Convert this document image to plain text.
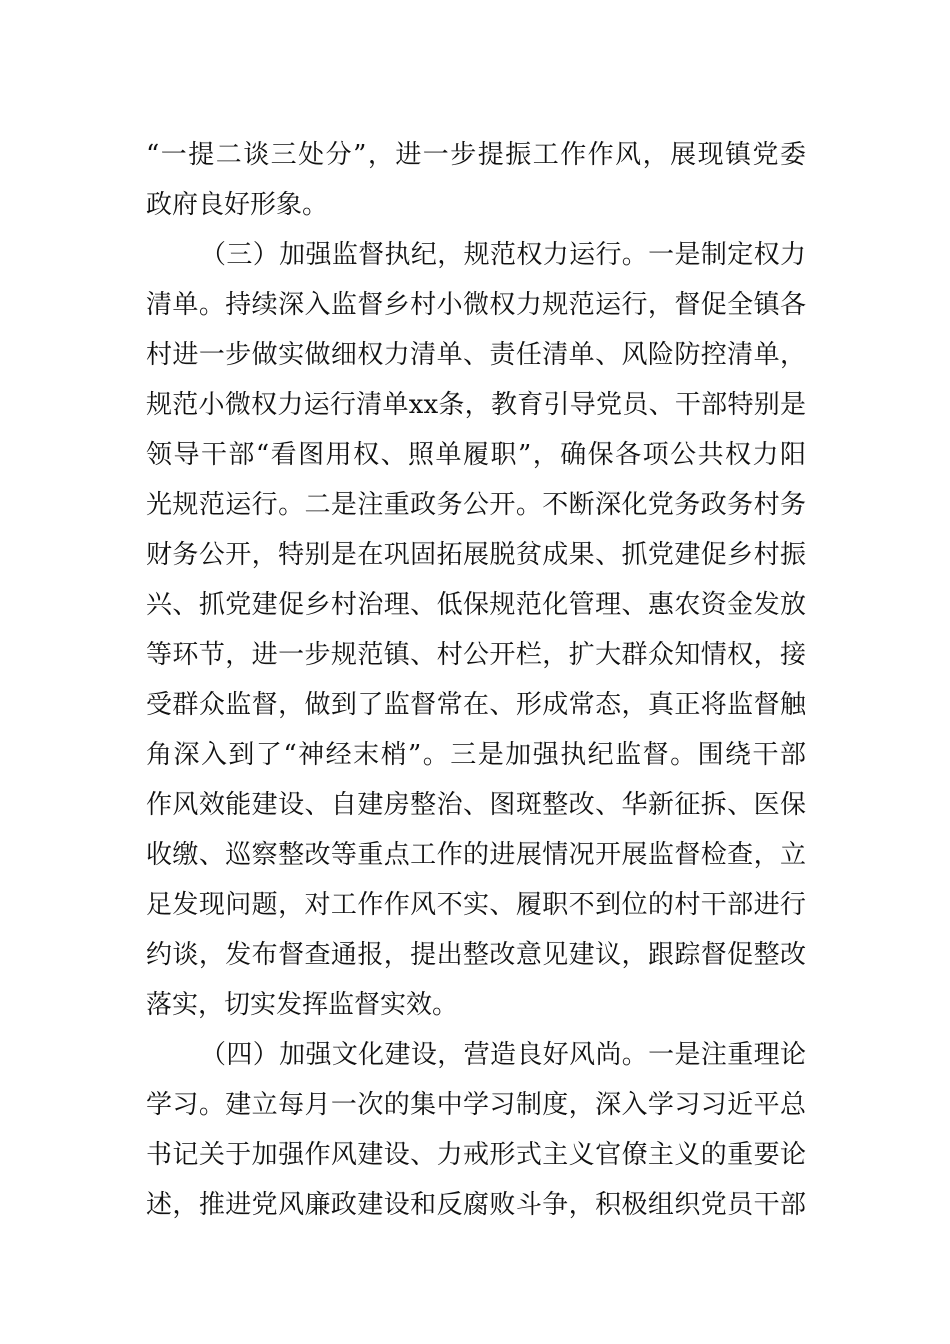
“一提二谈三处分”，进一步提振工作作风，展现镇党委
政府良好形象。
（三）加强监督执纪，规范权力运行。一是制定权力
清单。持续深入监督乡村小微权力规范运行，督促全镇各
村进一步做实做细权力清单、责任清单、风险防控清单，
规范小微权力运行清单xx条，教育引导党员、干部特别是
领导干部“看图用权、照单履职”，确保各项公共权力阳
光规范运行。二是注重政务公开。不断深化党务政务村务
财务公开，特别是在巩固拓展脱贫成果、抓党建促乡村振
兴、抓党建促乡村治理、低保规范化管理、惠农资金发放
等环节，进一步规范镇、村公开栏，扩大群众知情权，接
受群众监督，做到了监督常在、形成常态，真正将监督触
角深入到了“神经末梢”。三是加强执纪监督。围绕干部
作风效能建设、自建房整治、图斑整改、华新征拆、医保
收缴、巡察整改等重点工作的进展情况开展监督检查，立
足发现问题，对工作作风不实、履职不到位的村干部进行
约谈，发布督查通报，提出整改意见建议，跟踪督促整改
落实，切实发挥监督实效。
（四）加强文化建设，营造良好风尚。一是注重理论
学习。建立每月一次的集中学习制度，深入学习习近平总
书记关于加强作风建设、力戒形式主义官僚主义的重要论
述，推进党风廉政建设和反腐败斗争，积极组织党员干部
